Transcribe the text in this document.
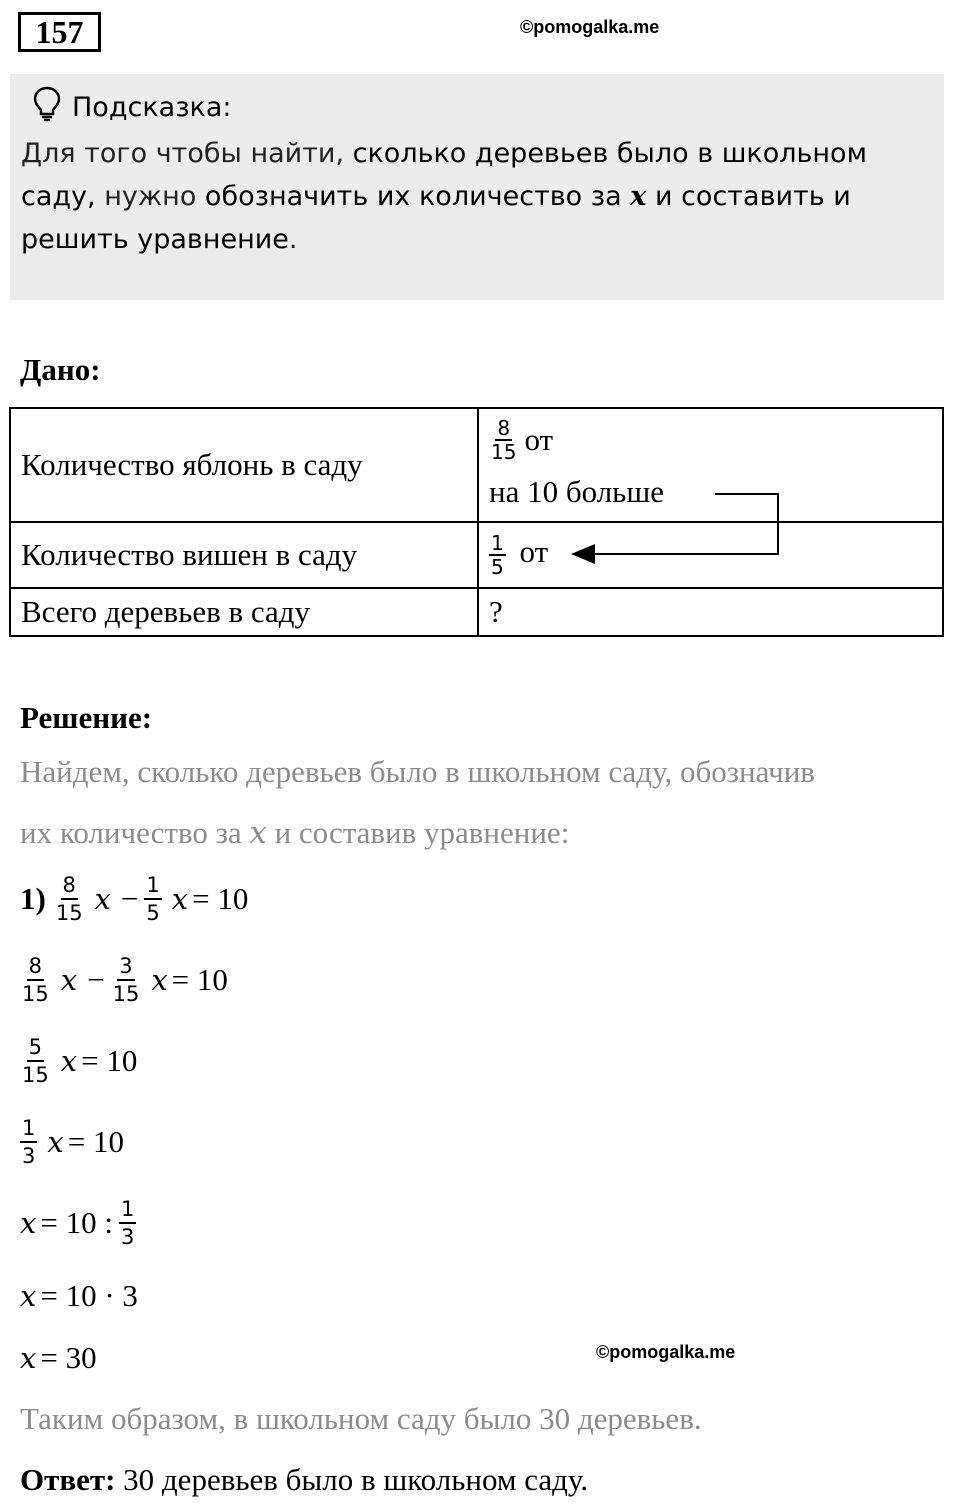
157	©pomogalka.me
Подсказка:
Для того чтобы найти, сколько деревьев было в школьном саду, нужно обозначить их количество за x и составить и решить уравнение.
Дано:
Количество яблонь в саду	$\frac{8}{15}$ от
на 10 больше

Количество вишен в саду	$\frac{1}{5}$ от
Всего деревьев в саду	?
Решение:
Найдем, сколько деревьев было в школьном саду, обозначив
их количество за x и составив уравнение:
$1) \frac{8}{15}$ $x - \frac{1}{5}$ x = 10
$\frac{8}{15}$ $x - \frac{3}{15}$ x = 10
$\frac{5}{15}$ x = 10
$\frac{1}{3}$ x = 10
x = 10 : $\frac{1}{3}$
x = 10 · 3
x = 30	©pomogalka.me
Таким образом, в школьном саду было 30 деревьев.
Ответ: 30 деревьев было в школьном саду.
